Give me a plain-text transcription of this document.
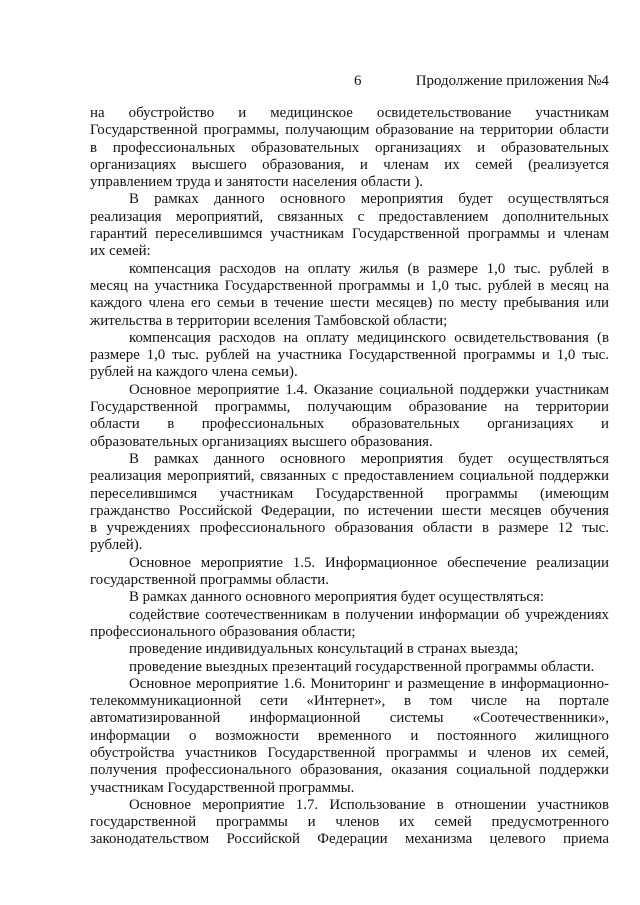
6	Продолжение приложения №4
на обустройство и медицинское освидетельствование участникам
Государственной программы, получающим образование на территории области
в профессиональных образовательных организациях и образовательных
организациях высшего образования, и членам их семей (реализуется
управлением труда и занятости населения области ).
В рамках данного основного мероприятия будет осуществляться
реализация мероприятий, связанных с предоставлением дополнительных
гарантий переселившимся участникам Государственной программы и членам
их семей:
компенсация расходов на оплату жилья (в размере 1,0 тыс. рублей в
месяц на участника Государственной программы и 1,0 тыс. рублей в месяц на
каждого члена его семьи в течение шести месяцев) по месту пребывания или
жительства в территории вселения Тамбовской области;
компенсация расходов на оплату медицинского освидетельствования (в
размере 1,0 тыс. рублей на участника Государственной программы и 1,0 тыс.
рублей на каждого члена семьи).
Основное мероприятие 1.4. Оказание социальной поддержки участникам
Государственной программы, получающим образование на территории
области в профессиональных образовательных организациях и
образовательных организациях высшего образования.
В рамках данного основного мероприятия будет осуществляться
реализация мероприятий, связанных с предоставлением социальной поддержки
переселившимся участникам Государственной программы (имеющим
гражданство Российской Федерации, по истечении шести месяцев обучения
в учреждениях профессионального образования области в размере 12 тыс.
рублей).
Основное мероприятие 1.5. Информационное обеспечение реализации
государственной программы области.
В рамках данного основного мероприятия будет осуществляться:
содействие соотечественникам в получении информации об учреждениях
профессионального образования области;
проведение индивидуальных консультаций в странах выезда;
проведение выездных презентаций государственной программы области.
Основное мероприятие 1.6. Мониторинг и размещение в информационно-
телекоммуникационной сети «Интернет», в том числе на портале
автоматизированной информационной системы «Соотечественники»,
информации о возможности временного и постоянного жилищного
обустройства участников Государственной программы и членов их семей,
получения профессионального образования, оказания социальной поддержки
участникам Государственной программы.
Основное мероприятие 1.7. Использование в отношении участников
государственной программы и членов их семей предусмотренного
законодательством Российской Федерации механизма целевого приема
